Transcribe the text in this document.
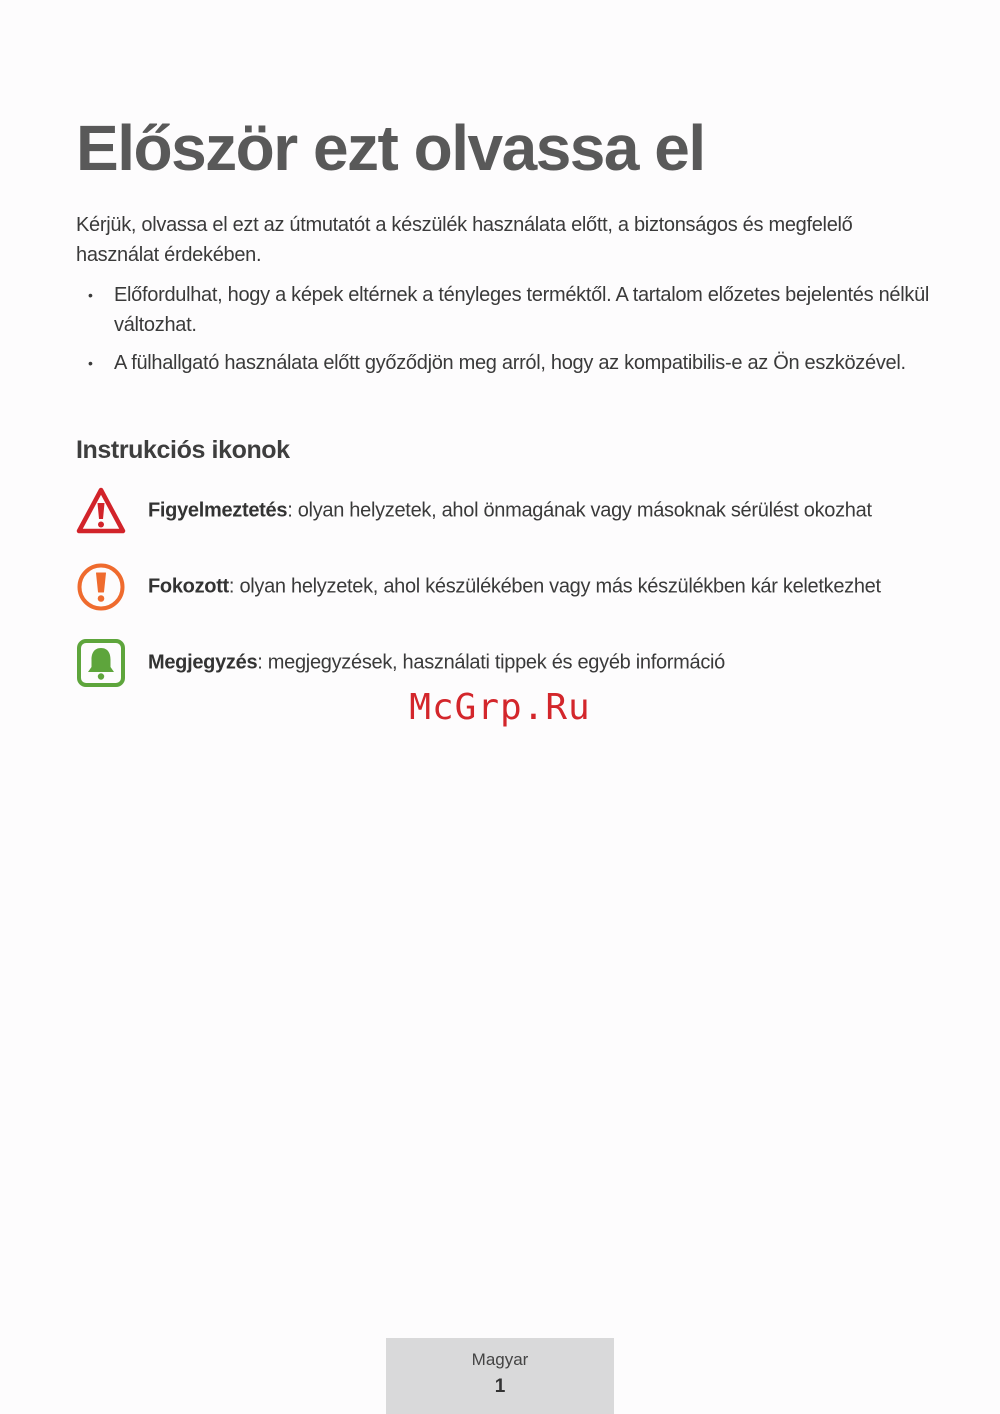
Először ezt olvassa el

Kérjük, olvassa el ezt az útmutatót a készülék használata előtt, a biztonságos és megfelelő használat érdekében.

• Előfordulhat, hogy a képek eltérnek a tényleges terméktől. A tartalom előzetes bejelentés nélkül változhat.
• A fülhallgató használata előtt győződjön meg arról, hogy az kompatibilis-e az Ön eszközével.
Instrukciós ikonok
Figyelmeztetés: olyan helyzetek, ahol önmagának vagy másoknak sérülést okozhat
Fokozott: olyan helyzetek, ahol készülékében vagy más készülékben kár keletkezhet
Megjegyzés: megjegyzések, használati tippek és egyéb információ
McGrp.Ru
Magyar
1
